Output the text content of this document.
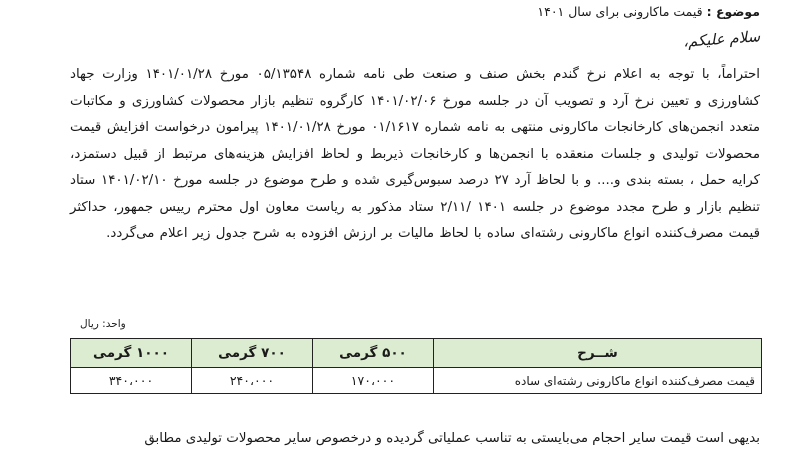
موضوع : قیمت ماکارونی برای سال ۱۴۰۱
سلام علیکم،

احتراماً، با توجه به اعلام نرخ گندم بخش صنف و صنعت طی نامه شماره ۰۵/۱۳۵۴۸ مورخ ۱۴۰۱/۰۱/۲۸ وزارت جهاد کشاورزی و تعیین نرخ آرد و تصویب آن در جلسه مورخ ۱۴۰۱/۰۲/۰۶ کارگروه تنظیم بازار محصولات کشاورزی و مکاتبات متعدد انجمن‌های کارخانجات ماکارونی منتهی به نامه شماره ۰۱/۱۶۱۷ مورخ ۱۴۰۱/۰۱/۲۸ پیرامون درخواست افزایش قیمت محصولات تولیدی و جلسات منعقده با انجمن‌ها و کارخانجات ذیربط و لحاظ افزایش هزینه‌های مرتبط از قبیل دستمزد، کرایه حمل ، بسته بندی و.... و با لحاظ آرد ۲۷ درصد سبوس‌گیری شده و طرح موضوع در جلسه مورخ ۱۴۰۱/۰۲/۱۰ ستاد تنظیم بازار و طرح مجدد موضوع در جلسه ۱۴۰۱ /۲/۱۱ ستاد مذکور به ریاست معاون اول محترم رییس جمهور، حداکثر قیمت مصرف‌کننده انواع ماکارونی رشته‌ای ساده با لحاظ مالیات بر ارزش افزوده به شرح جدول زیر اعلام می‌گردد.

واحد: ریال
شــرح	۵۰۰ گرمی	۷۰۰ گرمی	۱۰۰۰ گرمی
قیمت مصرف‌کننده انواع ماکارونی رشته‌ای ساده	۱۷۰،۰۰۰	۲۴۰،۰۰۰	۳۴۰،۰۰۰

بدیهی است قیمت سایر احجام می‌بایستی به تناسب عملیاتی گردیده و درخصوص سایر محصولات تولیدی مطابق
